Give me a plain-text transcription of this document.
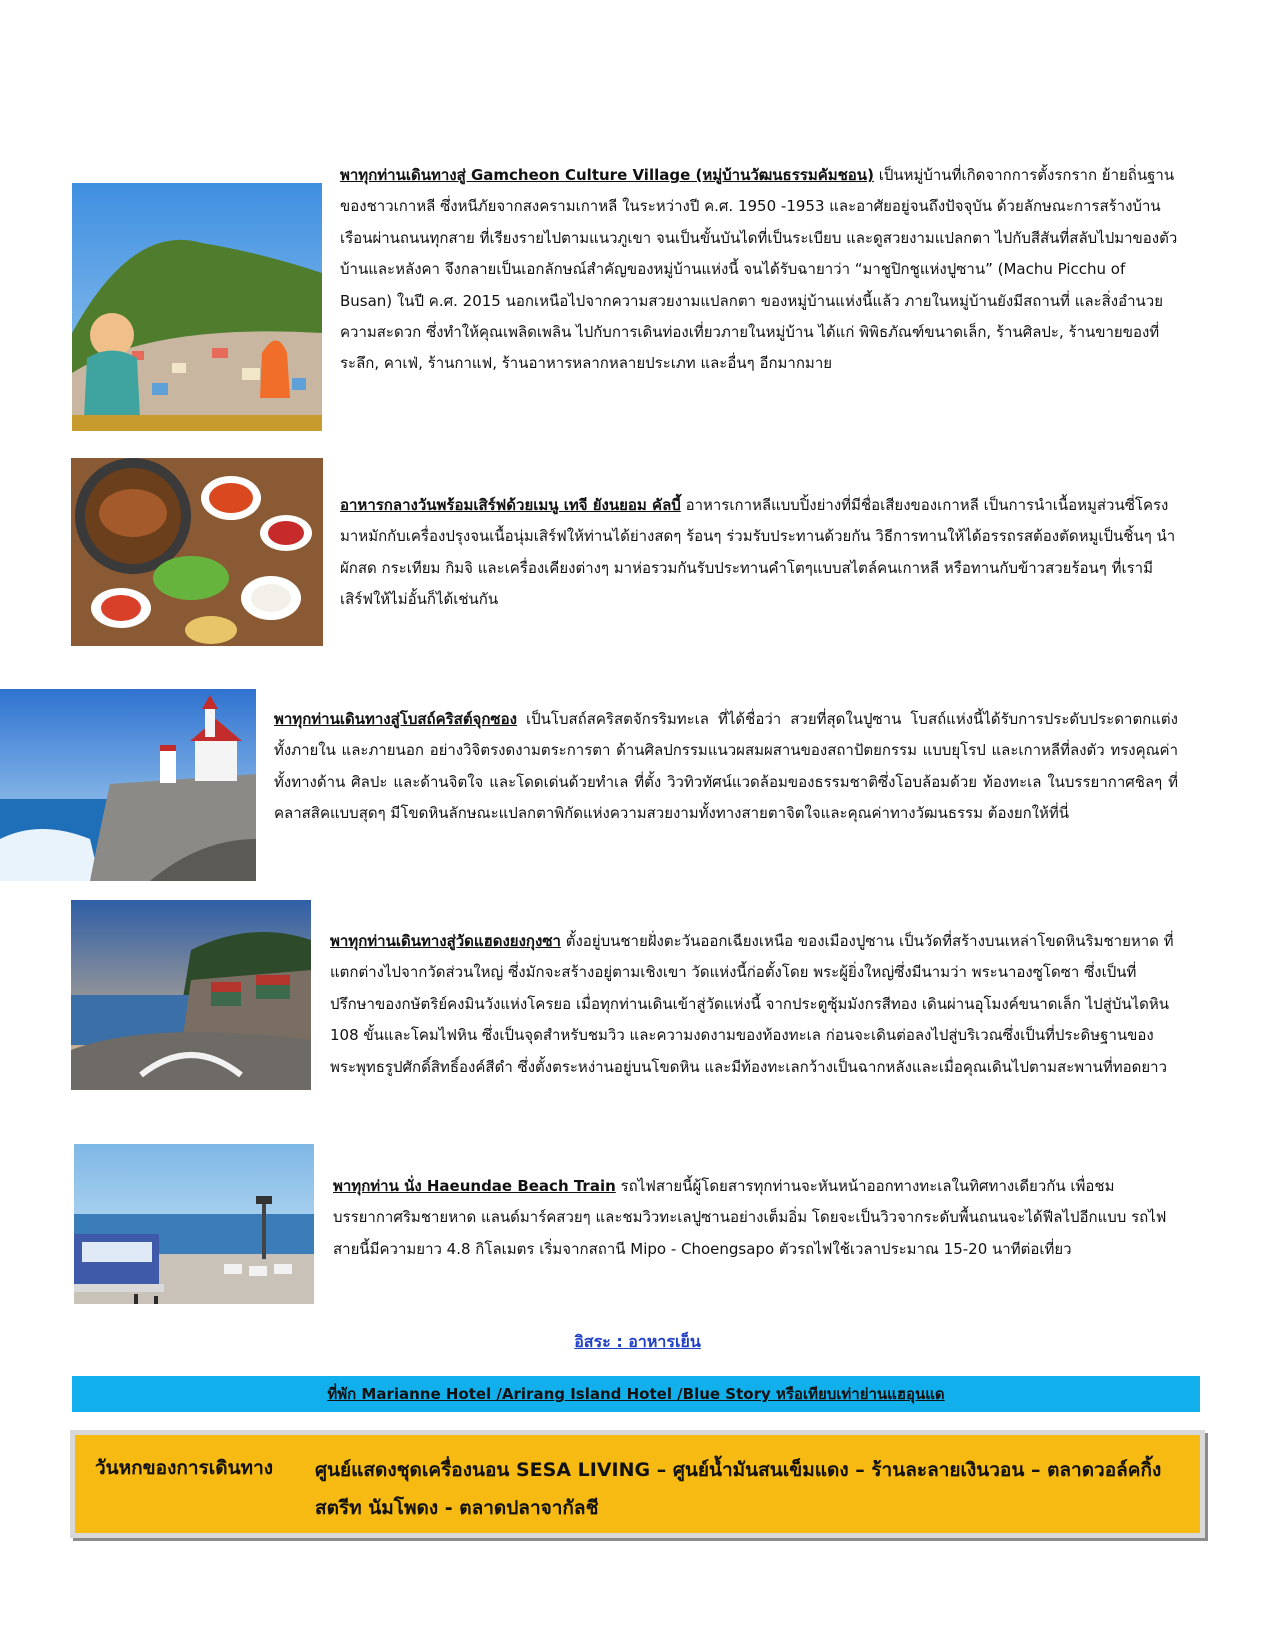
พาทุกท่านเดินทางสู่ Gamcheon Culture Village (หมู่บ้านวัฒนธรรมคัมชอน) เป็นหมู่บ้านที่เกิดจากการตั้งรกราก ย้ายถิ่นฐานของชาวเกาหลี ซึ่งหนีภัยจากสงครามเกาหลี ในระหว่างปี ค.ศ. 1950 -1953 และอาศัยอยู่จนถึงปัจจุบัน ด้วยลักษณะการสร้างบ้านเรือนผ่านถนนทุกสาย ที่เรียงรายไปตามแนวภูเขา จนเป็นขั้นบันไดที่เป็นระเบียบ และดูสวยงามแปลกตา ไปกับสีสันที่สลับไปมาของตัวบ้านและหลังคา จึงกลายเป็นเอกลักษณ์สำคัญของหมู่บ้านแห่งนี้ จนได้รับฉายาว่า “มาชูปิกชูแห่งปูซาน” (Machu Picchu of Busan) ในปี ค.ศ. 2015 นอกเหนือไปจากความสวยงามแปลกตา ของหมู่บ้านแห่งนี้แล้ว ภายในหมู่บ้านยังมีสถานที่ และสิ่งอำนวยความสะดวก ซึ่งทำให้คุณเพลิดเพลิน ไปกับการเดินท่องเที่ยวภายในหมู่บ้าน ได้แก่ พิพิธภัณฑ์ขนาดเล็ก, ร้านศิลปะ, ร้านขายของที่ระลึก, คาเฟ่, ร้านกาแฟ, ร้านอาหารหลากหลายประเภท และอื่นๆ อีกมากมาย

อาหารกลางวันพร้อมเสิร์ฟด้วยเมนู เทจี ยังนยอม คัลบี้ อาหารเกาหลีแบบปิ้งย่างที่มีชื่อเสียงของเกาหลี เป็นการนำเนื้อหมูส่วนซี่โครงมาหมักกับเครื่องปรุงจนเนื้อนุ่มเสิร์ฟให้ท่านได้ย่างสดๆ ร้อนๆ ร่วมรับประทานด้วยกัน วิธีการทานให้ได้อรรถรสต้องตัดหมูเป็นชิ้นๆ นำผักสด กระเทียม กิมจิ และเครื่องเคียงต่างๆ มาห่อรวมกันรับประทานคำโตๆแบบสไตล์คนเกาหลี หรือทานกับข้าวสวยร้อนๆ ที่เรามีเสิร์ฟให้ไม่อั้นก็ได้เช่นกัน

พาทุกท่านเดินทางสู่โบสถ์คริสต์จุกซอง เป็นโบสถ์สคริสตจักรริมทะเล ที่ได้ชื่อว่า สวยที่สุดในปูซาน โบสถ์แห่งนี้ได้รับการประดับประดาตกแต่ง ทั้งภายใน และภายนอก อย่างวิจิตรงดงามตระการตา ด้านศิลปกรรมแนวผสมผสานของสถาปัตยกรรม แบบยุโรป และเกาหลีที่ลงตัว ทรงคุณค่าทั้งทางด้าน ศิลปะ และด้านจิตใจ และโดดเด่นด้วยทำเล ที่ตั้ง วิวทิวทัศน์แวดล้อมของธรรมชาติซึ่งโอบล้อมด้วย ท้องทะเล ในบรรยากาศชิลๆ ที่คลาสสิคแบบสุดๆ มีโขดหินลักษณะแปลกตาพิกัดแห่งความสวยงามทั้งทางสายตาจิตใจและคุณค่าทางวัฒนธรรม ต้องยกให้ที่นี่

พาทุกท่านเดินทางสู่วัดแฮดงยงกุงซา ตั้งอยู่บนชายฝั่งตะวันออกเฉียงเหนือ ของเมืองปูซาน เป็นวัดที่สร้างบนเหล่าโขดหินริมชายหาด ที่แตกต่างไปจากวัดส่วนใหญ่ ซึ่งมักจะสร้างอยู่ตามเชิงเขา วัดแห่งนี้ก่อตั้งโดย พระผู้ยิ่งใหญ่ซึ่งมีนามว่า พระนาองซูโดซา ซึ่งเป็นที่ปรึกษาของกษัตริย์คงมินวังแห่งโครยอ เมื่อทุกท่านเดินเข้าสู่วัดแห่งนี้ จากประตูซุ้มมังกรสีทอง เดินผ่านอุโมงค์ขนาดเล็ก ไปสู่บันไดหิน 108 ขั้นและโคมไฟหิน ซึ่งเป็นจุดสำหรับชมวิว และความงดงามของท้องทะเล ก่อนจะเดินต่อลงไปสู่บริเวณซึ่งเป็นที่ประดิษฐานของพระพุทธรูปศักดิ์สิทธิ์องค์สีดำ ซึ่งตั้งตระหง่านอยู่บนโขดหิน และมีท้องทะเลกว้างเป็นฉากหลังและเมื่อคุณเดินไปตามสะพานที่ทอดยาว

พาทุกท่าน นั่ง Haeundae Beach Train รถไฟสายนี้ผู้โดยสารทุกท่านจะหันหน้าออกทางทะเลในทิศทางเดียวกัน เพื่อชมบรรยากาศริมชายหาด แลนด์มาร์คสวยๆ และชมวิวทะเลปูซานอย่างเต็มอิ่ม โดยจะเป็นวิวจากระดับพื้นถนนจะได้ฟีลไปอีกแบบ รถไฟสายนี้มีความยาว 4.8 กิโลเมตร เริ่มจากสถานี Mipo - Choengsapo ตัวรถไฟใช้เวลาประมาณ 15-20 นาทีต่อเที่ยว

อิสระ : อาหารเย็น
ที่พัก Marianne Hotel /Arirang Island Hotel /Blue Story หรือเทียบเท่าย่านแฮอุนแด
วันหกของการเดินทาง ศูนย์แสดงชุดเครื่องนอน SESA LIVING – ศูนย์น้ำมันสนเข็มแดง – ร้านละลายเงินวอน – ตลาดวอล์คกิ้ง สตรีท นัมโพดง - ตลาดปลาจากัลชี
